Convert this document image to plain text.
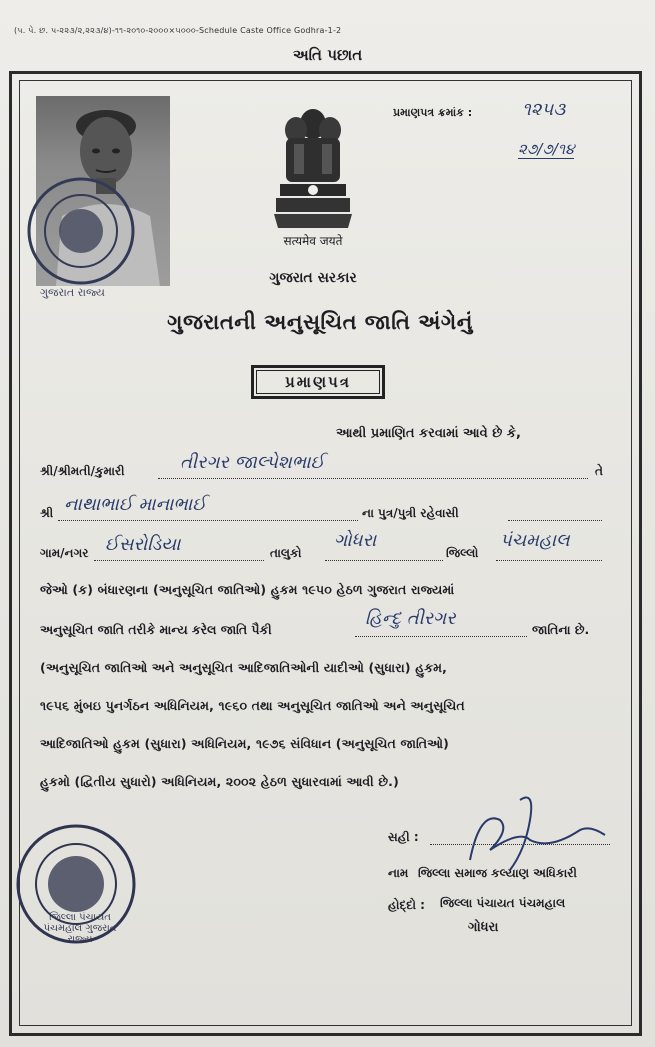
(પ. પે. છ. પ-૨૨૩/૨,૨૨૩/૪)-૧૧-૨૦૧૦-૨૦૦૦×૫૦૦૦-Schedule Caste Office Godhra-1-2
અતિ પછાત
ગુજરાત રાજ્ય
सत्यमेव जयते
ગુજરાત સરકાર
ગુજરાતની અનુસૂચિત જાતિ અંગેનું
પ્રમાણપત્ર
પ્રમાણપત્ર ક્રમાંક :	૧૨૫૩
૨૭/૭/૧૪
આથી પ્રમાણિત કરવામાં આવે છે કે,
શ્રી/શ્રીમતી/કુમારી	તીરગર જાલ્પેશભાઈ	તે
શ્રી નાથાભાઈ માનાભાઈ	ના પુત્ર/પુત્રી રહેવાસી
ગામ/નગર ઈસરોડિયા	તાલુકો
ગોધરા
જિલ્લો
પંચમહાલ
જેઓ (ક) બંધારણના (અનુસૂચિત જાતિઓ) હુકમ ૧૯૫૦ હેઠળ ગુજરાત રાજ્યમાં
અનુસૂચિત જાતિ તરીકે માન્ય કરેલ જાતિ પૈકી
હિન્દુ તીરગર
જાતિના છે.
(અનુસૂચિત જાતિઓ અને અનુસૂચિત આદિજાતિઓની યાદીઓ (સુધારા) હુકમ,
૧૯૫૬ મુંબઇ પુનર્ગઠન અધિનિયમ, ૧૯૬૦ તથા અનુસૂચિત જાતિઓ અને અનુસૂચિત
આદિજાતિઓ હુકમ (સુધારા) અધિનિયમ, ૧૯૭૬ સંવિધાન (અનુસૂચિત જાતિઓ)
હુકમો (દ્વિતીય સુધારો) અધિનિયમ, ૨૦૦૨ હેઠળ સુધારવામાં આવી છે.)
સહી :
નામ જિલ્લા સમાજ કલ્યાણ અધિકારી
હોદ્દો : જિલ્લા પંચાયત પંચમહાલ
ગોધરા
જિલ્લા પંચાયત પંચમહાલ ગુજરાત રાજ્ય
